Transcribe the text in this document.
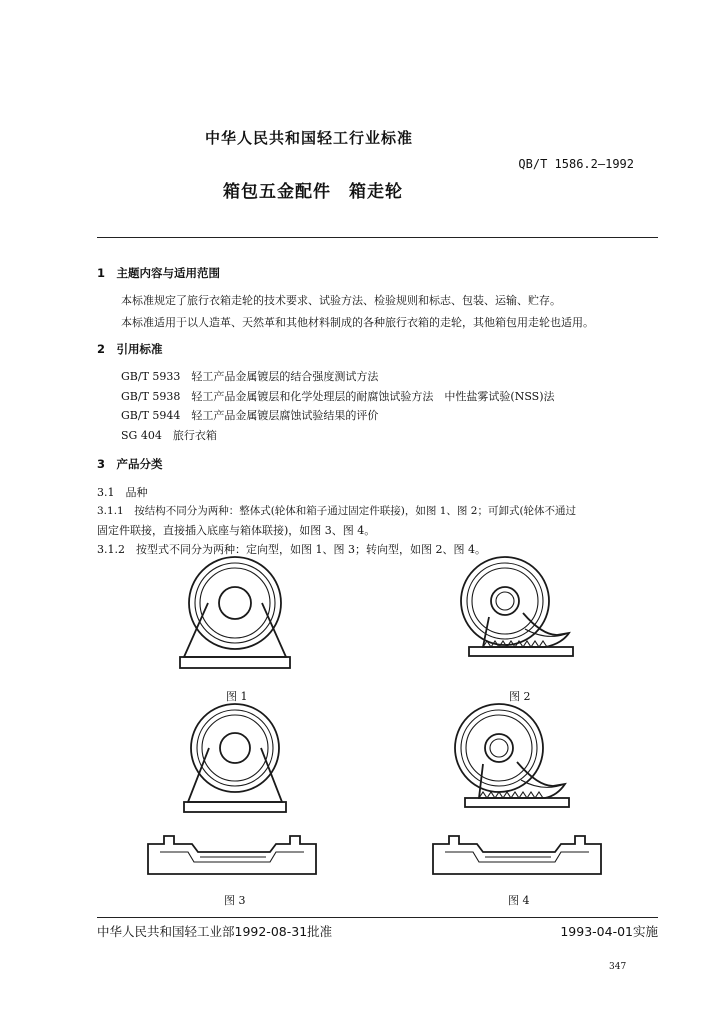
中华人民共和国轻工行业标准
QB/T 1586.2—1992
箱包五金配件　箱走轮
1　主题内容与适用范围
本标准规定了旅行衣箱走轮的技术要求、试验方法、检验规则和标志、包装、运输、贮存。
本标准适用于以人造革、天然革和其他材料制成的各种旅行衣箱的走轮，其他箱包用走轮也适用。
2　引用标准
GB/T 5933　轻工产品金属镀层的结合强度测试方法
GB/T 5938　轻工产品金属镀层和化学处理层的耐腐蚀试验方法　中性盐雾试验(NSS)法
GB/T 5944　轻工产品金属镀层腐蚀试验结果的评价
SG 404　旅行衣箱
3　产品分类
3.1　品种
3.1.1　按结构不同分为两种：整体式(轮体和箱子通过固定件联接)，如图 1、图 2；可卸式(轮体不通过
固定件联接，直接插入底座与箱体联接)，如图 3、图 4。
3.1.2　按型式不同分为两种：定向型，如图 1、图 3；转向型，如图 2、图 4。
图 1	图 2
图 3	图 4
中华人民共和国轻工业部1992-08-31批准	1993-04-01实施
347
